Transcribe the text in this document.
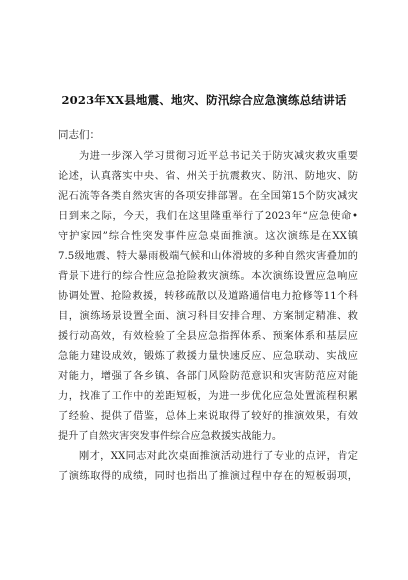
2023年XX县地震、地灾、防汛综合应急演练总结讲话
同志们：

为进一步深入学习贯彻习近平总书记关于防灾减灾救灾重要
论述，认真落实中央、省、州关于抗震救灾、防汛、防地灾、防
泥石流等各类自然灾害的各项安排部署。在全国第15个防灾减灾
日到来之际，今天，我们在这里隆重举行了2023年“应急使命•
守护家园”综合性突发事件应急桌面推演。这次演练是在XX镇
7.5级地震、特大暴雨极端气候和山体滑坡的多种自然灾害叠加的
背景下进行的综合性应急抢险救灾演练。本次演练设置应急响应
协调处置、抢险救援，转移疏散以及道路通信电力抢修等11个科
目，演练场景设置全面、演习科目安排合理、方案制定精准、救
援行动高效，有效检验了全县应急指挥体系、预案体系和基层应
急能力建设成效，锻炼了救援力量快速反应、应急联动、实战应
对能力，增强了各乡镇、各部门风险防范意识和灾害防范应对能
力，找准了工作中的差距短板，为进一步优化应急处置流程积累
了经验、提供了借鉴，总体上来说取得了较好的推演效果，有效
提升了自然灾害突发事件综合应急救援实战能力。

刚才，XX同志对此次桌面推演活动进行了专业的点评，肯定
了演练取得的成绩，同时也指出了推演过程中存在的短板弱项，
